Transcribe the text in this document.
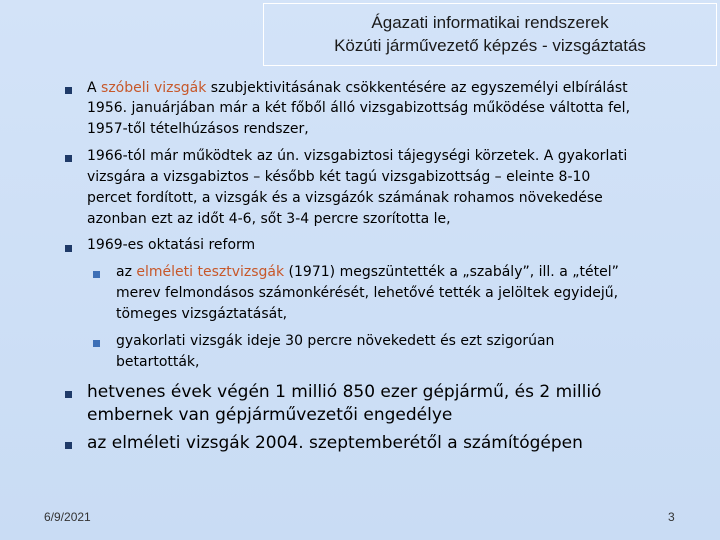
Ágazati informatikai rendszerek
Közúti járművezető képzés - vizsgáztatás
A szóbeli vizsgák szubjektivitásának csökkentésére az egyszemélyi elbírálást
1956. januárjában már a két főből álló vizsgabizottság működése váltotta fel,
1957-től tételhúzásos rendszer,
1966-tól már működtek az ún. vizsgabiztosi tájegységi körzetek. A gyakorlati
vizsgára a vizsgabiztos – később két tagú vizsgabizottság – eleinte 8-10
percet fordított, a vizsgák és a vizsgázók számának rohamos növekedése
azonban ezt az időt 4-6, sőt 3-4 percre szorította le,
1969-es oktatási reform
az elméleti tesztvizsgák (1971) megszüntették a „szabály”, ill. a „tétel”
merev felmondásos számonkérését, lehetővé tették a jelöltek egyidejű,
tömeges vizsgáztatását,
gyakorlati vizsgák ideje 30 percre növekedett és ezt szigorúan
betartották,
hetvenes évek végén 1 millió 850 ezer gépjármű, és 2 millió
embernek van gépjárművezetői engedélye
az elméleti vizsgák 2004. szeptemberétől a számítógépen
6/9/2021	3
